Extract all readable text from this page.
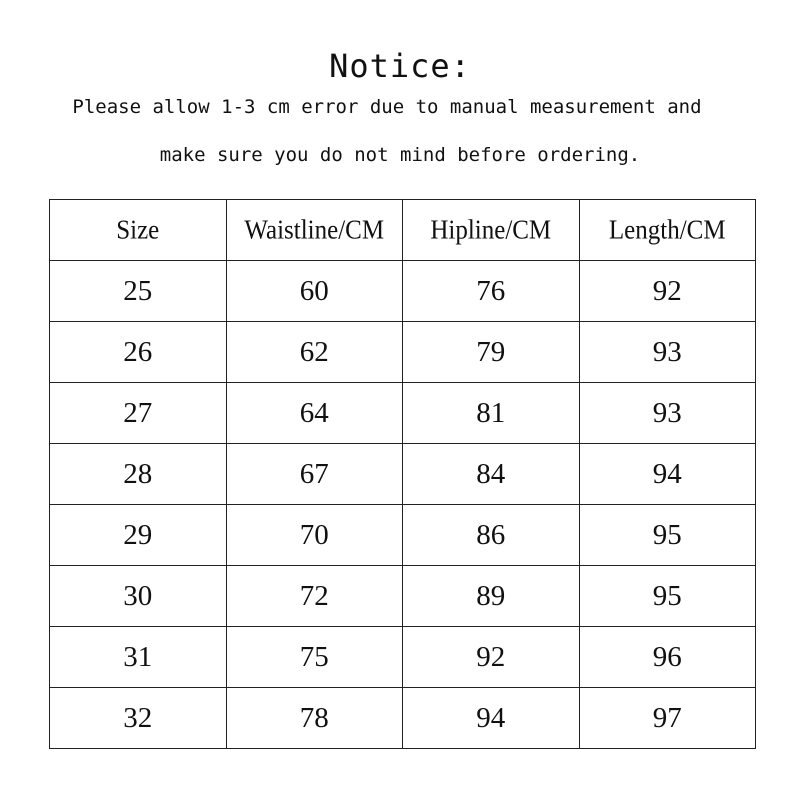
Notice:
Please allow 1-3 cm error due to manual measurement and
make sure you do not mind before ordering.
Size	Waistline/CM	Hipline/CM	Length/CM
25	60	76	92
26	62	79	93
27	64	81	93
28	67	84	94
29	70	86	95
30	72	89	95
31	75	92	96
32	78	94	97
